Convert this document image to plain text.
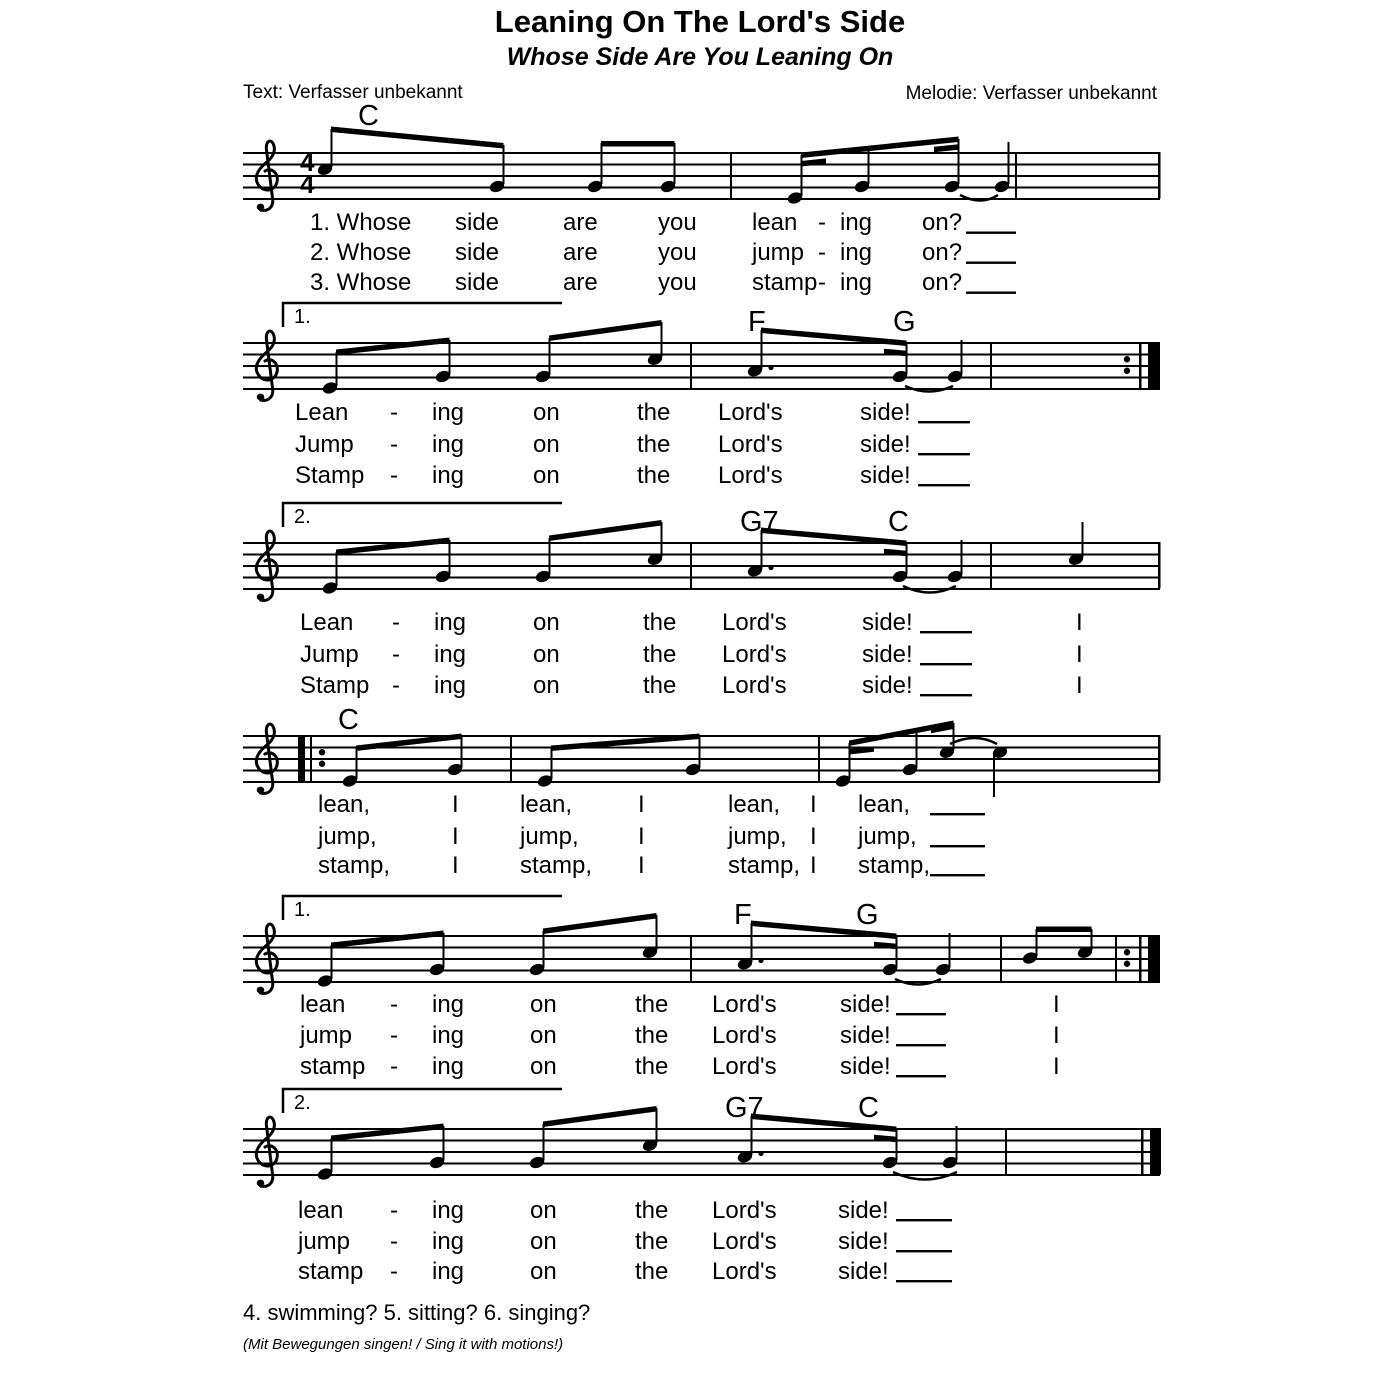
Leaning On The Lord's Side
Whose Side Are You Leaning On
Text: Verfasser unbekannt	Melodie: Verfasser unbekannt
4
4
C
1. Whose side	are	you lean - ing on?
2. Whose side	are	you jump - ing on?
3. Whose side	are	you stamp - ing on?
1.	F	G
Lean - ing	on	the Lord's	side!
Jump - ing	on	the Lord's	side!
Stamp - ing	on	the Lord's	side!
2.	G7	C
Lean - ing	on	the Lord's	side!	I
Jump - ing	on	the Lord's	side!	I
Stamp - ing	on	the Lord's	side!	I
C
lean,	I	lean,	I	lean, I lean,
jump,	I	jump, I	jump, I jump,
stamp,	I	stamp, I	stamp, I stamp,
1.	F	G
lean - ing	on	the Lord's	side!	I
jump - ing	on	the Lord's	side!	I
stamp - ing	on	the Lord's	side!	I
2.	G7	C
lean - ing	on	the Lord's	side!
jump - ing	on	the Lord's	side!
stamp - ing	on	the Lord's	side!
4. swimming? 5. sitting? 6. singing?
(Mit Bewegungen singen! / Sing it with motions!)
